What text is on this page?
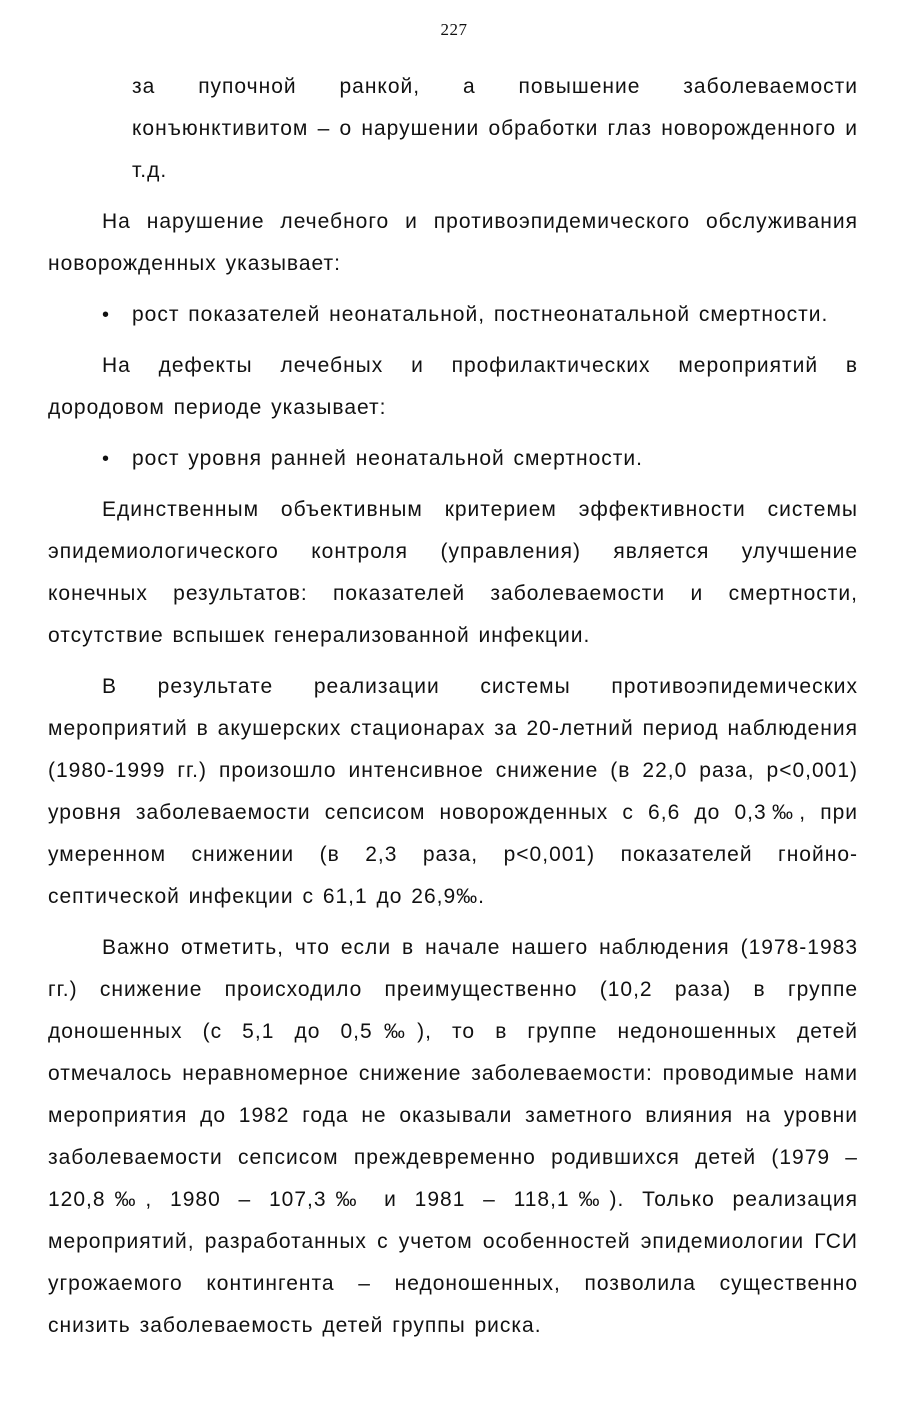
227

за пупочной ранкой, а повышение заболеваемости конъюнктивитом – о нарушении обработки глаз новорожденного и т.д.

На нарушение лечебного и противоэпидемического обслуживания новорожденных указывает:

• рост показателей неонатальной, постнеонатальной смертности.

На дефекты лечебных и профилактических мероприятий в дородовом периоде указывает:

• рост уровня ранней неонатальной смертности.

Единственным объективным критерием эффективности системы эпидемиологического контроля (управления) является улучшение конечных результатов: показателей заболеваемости и смертности, отсутствие вспышек генерализованной инфекции.

В результате реализации системы противоэпидемических мероприятий в акушерских стационарах за 20-летний период наблюдения (1980-1999 гг.) произошло интенсивное снижение (в 22,0 раза, p<0,001) уровня заболеваемости сепсисом новорожденных с 6,6 до 0,3‰, при умеренном снижении (в 2,3 раза, p<0,001) показателей гнойно-септической инфекции с 61,1 до 26,9‰.

Важно отметить, что если в начале нашего наблюдения (1978-1983 гг.) снижение происходило преимущественно (10,2 раза) в группе доношенных (с 5,1 до 0,5‰), то в группе недоношенных детей отмечалось неравномерное снижение заболеваемости: проводимые нами мероприятия до 1982 года не оказывали заметного влияния на уровни заболеваемости сепсисом преждевременно родившихся детей (1979 – 120,8‰, 1980 – 107,3‰ и 1981 – 118,1‰). Только реализация мероприятий, разработанных с учетом особенностей эпидемиологии ГСИ угрожаемого контингента – недоношенных, позволила существенно снизить заболеваемость детей группы риска.
